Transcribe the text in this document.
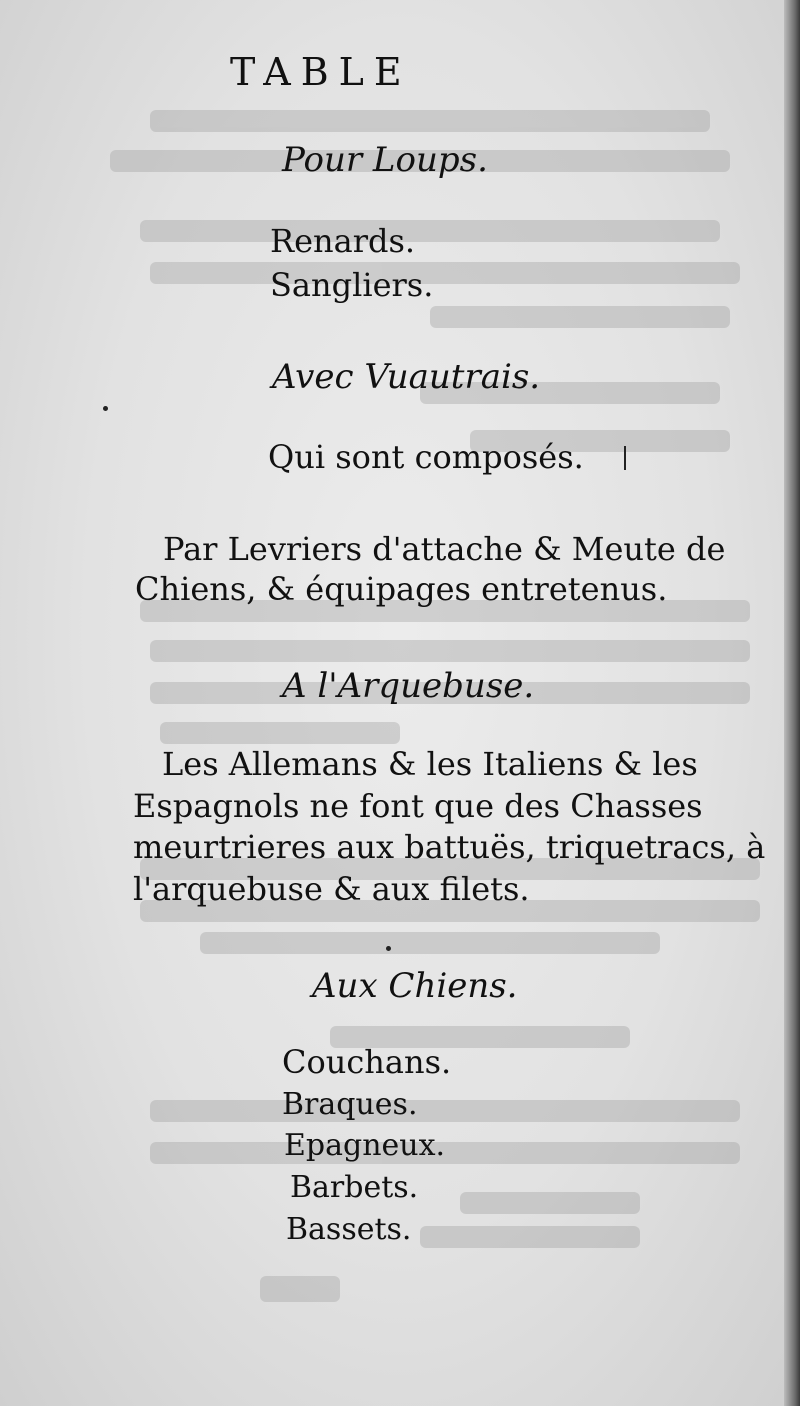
TABLE
Pour Loups.
Renards.
Sangliers.
Avec Vuautrais.
Qui sont composés.
Par Levriers d'attache & Meute de
Chiens, & équipages entretenus.
A l'Arquebuse.
Les Allemans & les Italiens & les
Espagnols ne font que des Chasses
meurtrieres aux battuës, triquetracs, à
l'arquebuse & aux filets.
Aux Chiens.
Couchans.
Braques.
Epagneux.
Barbets.
Bassets.
